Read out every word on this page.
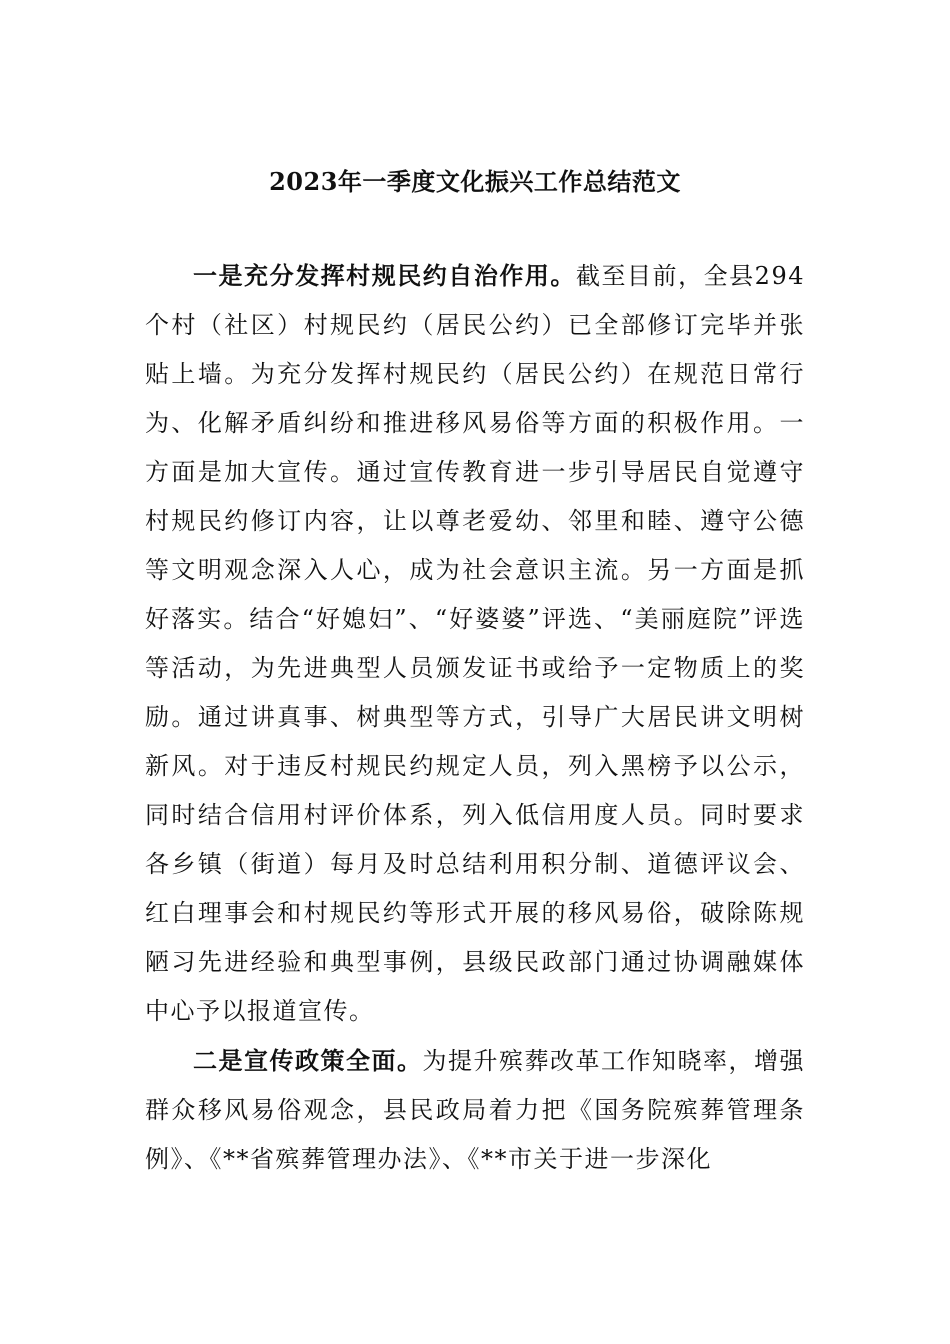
2023年一季度文化振兴工作总结范文

一是充分发挥村规民约自治作用。截至目前，全县294个村（社区）村规民约（居民公约）已全部修订完毕并张贴上墙。为充分发挥村规民约（居民公约）在规范日常行为、化解矛盾纠纷和推进移风易俗等方面的积极作用。一方面是加大宣传。通过宣传教育进一步引导居民自觉遵守村规民约修订内容，让以尊老爱幼、邻里和睦、遵守公德等文明观念深入人心，成为社会意识主流。另一方面是抓好落实。结合“好媳妇”、“好婆婆”评选、“美丽庭院”评选等活动，为先进典型人员颁发证书或给予一定物质上的奖励。通过讲真事、树典型等方式，引导广大居民讲文明树新风。对于违反村规民约规定人员，列入黑榜予以公示，同时结合信用村评价体系，列入低信用度人员。同时要求各乡镇（街道）每月及时总结利用积分制、道德评议会、红白理事会和村规民约等形式开展的移风易俗，破除陈规陋习先进经验和典型事例，县级民政部门通过协调融媒体中心予以报道宣传。

二是宣传政策全面。为提升殡葬改革工作知晓率，增强群众移风易俗观念，县民政局着力把《国务院殡葬管理条例》、《**省殡葬管理办法》、《**市关于进一步深化
